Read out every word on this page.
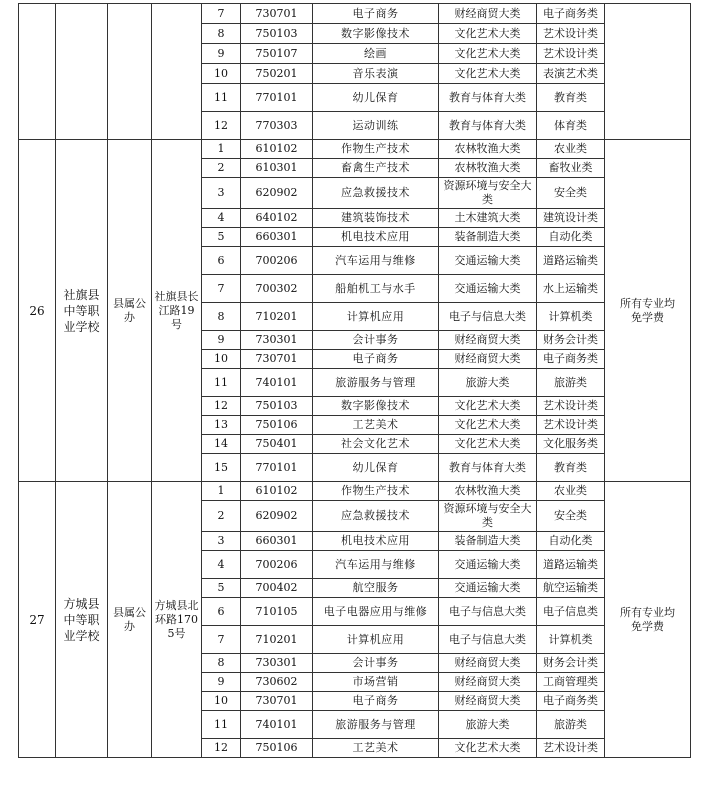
				7	730701	电子商务	财经商贸大类	电子商务类	
				8	750103	数字影像技术	文化艺术大类	艺术设计类	
				9	750107	绘画	文化艺术大类	艺术设计类	
				10	750201	音乐表演	文化艺术大类	表演艺术类	
				11	770101	幼儿保育	教育与体育大类	教育类	
				12	770303	运动训练	教育与体育大类	体育类	
26	社旗县中等职业学校	县属公办	社旗县长江路19号	1	610102	作物生产技术	农林牧渔大类	农业类	所有专业均免学费
				2	610301	畜禽生产技术	农林牧渔大类	畜牧业类	
				3	620902	应急救援技术	资源环境与安全大类	安全类	
				4	640102	建筑装饰技术	土木建筑大类	建筑设计类	
				5	660301	机电技术应用	装备制造大类	自动化类	
				6	700206	汽车运用与维修	交通运输大类	道路运输类	
				7	700302	船舶机工与水手	交通运输大类	水上运输类	
				8	710201	计算机应用	电子与信息大类	计算机类	
				9	730301	会计事务	财经商贸大类	财务会计类	
				10	730701	电子商务	财经商贸大类	电子商务类	
				11	740101	旅游服务与管理	旅游大类	旅游类	
				12	750103	数字影像技术	文化艺术大类	艺术设计类	
				13	750106	工艺美术	文化艺术大类	艺术设计类	
				14	750401	社会文化艺术	文化艺术大类	文化服务类	
				15	770101	幼儿保育	教育与体育大类	教育类	
27	方城县中等职业学校	县属公办	方城县北环路1705号	1	610102	作物生产技术	农林牧渔大类	农业类	所有专业均免学费
				2	620902	应急救援技术	资源环境与安全大类	安全类	
				3	660301	机电技术应用	装备制造大类	自动化类	
				4	700206	汽车运用与维修	交通运输大类	道路运输类	
				5	700402	航空服务	交通运输大类	航空运输类	
				6	710105	电子电器应用与维修	电子与信息大类	电子信息类	
				7	710201	计算机应用	电子与信息大类	计算机类	
				8	730301	会计事务	财经商贸大类	财务会计类	
				9	730602	市场营销	财经商贸大类	工商管理类	
				10	730701	电子商务	财经商贸大类	电子商务类	
				11	740101	旅游服务与管理	旅游大类	旅游类	
				12	750106	工艺美术	文化艺术大类	艺术设计类	
